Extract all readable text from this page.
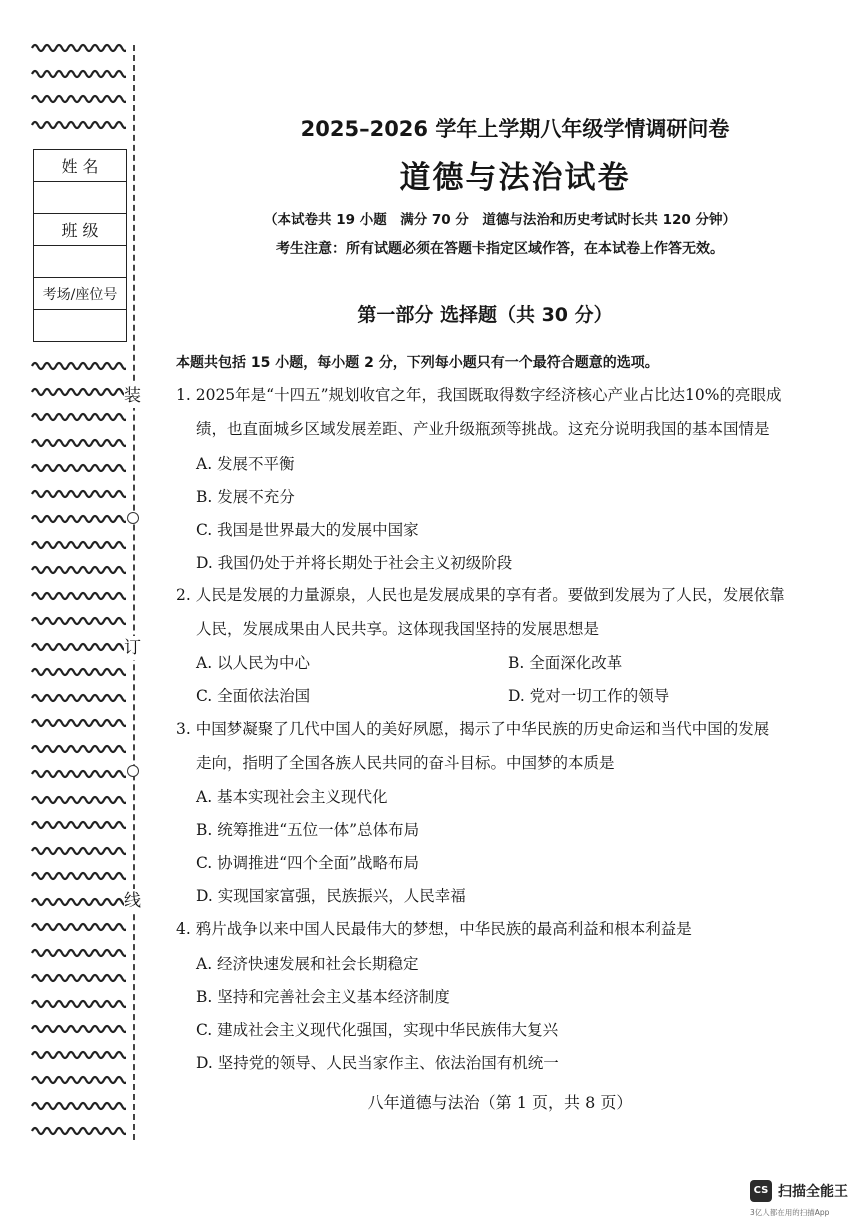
装
订
线
姓 名

班 级

考场/座位号

2025–2026 学年上学期八年级学情调研问卷
道德与法治试卷
（本试卷共 19 小题　满分 70 分　道德与法治和历史考试时长共 120 分钟）
考生注意：所有试题必须在答题卡指定区域作答，在本试卷上作答无效。
第一部分 选择题（共 30 分）
本题共包括 15 小题，每小题 2 分，下列每小题只有一个最符合题意的选项。
1. 2025年是“十四五”规划收官之年，我国既取得数字经济核心产业占比达10%的亮眼成
绩，也直面城乡区域发展差距、产业升级瓶颈等挑战。这充分说明我国的基本国情是
A. 发展不平衡
B. 发展不充分
C. 我国是世界最大的发展中国家
D. 我国仍处于并将长期处于社会主义初级阶段
2. 人民是发展的力量源泉，人民也是发展成果的享有者。要做到发展为了人民，发展依靠
人民，发展成果由人民共享。这体现我国坚持的发展思想是
A. 以人民为中心	B. 全面深化改革
C. 全面依法治国	D. 党对一切工作的领导
3. 中国梦凝聚了几代中国人的美好夙愿，揭示了中华民族的历史命运和当代中国的发展
走向，指明了全国各族人民共同的奋斗目标。中国梦的本质是
A. 基本实现社会主义现代化
B. 统筹推进“五位一体”总体布局
C. 协调推进“四个全面”战略布局
D. 实现国家富强，民族振兴，人民幸福
4. 鸦片战争以来中国人民最伟大的梦想，中华民族的最高利益和根本利益是
A. 经济快速发展和社会长期稳定
B. 坚持和完善社会主义基本经济制度
C. 建成社会主义现代化强国，实现中华民族伟大复兴
D. 坚持党的领导、人民当家作主、依法治国有机统一
八年道德与法治（第 1 页，共 8 页）
CS 扫描全能王
3亿人都在用的扫描App
